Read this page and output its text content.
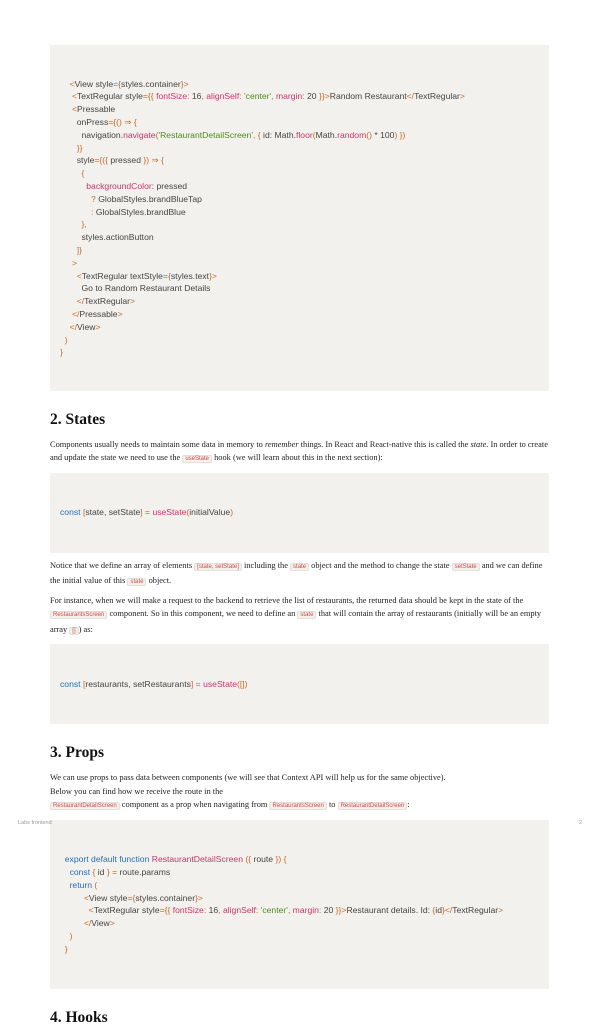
<View style={styles.container}>
<TextRegular style={{ fontSize: 16, alignSelf: 'center', margin: 20 }}>Random Restaurant</TextRegular>
<Pressable
onPress={() ⇒ {
navigation.navigate('RestaurantDetailScreen', { id: Math.floor(Math.random() * 100) })
}}
style={({ pressed }) ⇒ {
{
backgroundColor: pressed
? GlobalStyles.brandBlueTap
: GlobalStyles.brandBlue
},
styles.actionButton
]}
>
<TextRegular textStyle={styles.text}>
Go to Random Restaurant Details
</TextRegular>
</Pressable>
</View>
)
}

2. States

Components usually needs to maintain some data in memory to remember things. In React and React-native this is called the state. In order to create and update the state we need to use the useState hook (we will learn about this in the next section):

const [state, setState] = useState(initialValue)

Notice that we define an array of elements [state, setState] including the state object and the method to change the state setState and we can define the initial value of this state object.

For instance, when we will make a request to the backend to retrieve the list of restaurants, the returned data should be kept in the state of the RestaurantsScreen component. So in this component, we need to define an state that will contain the array of restaurants (initially will be an empty array [] ) as:

const [restaurants, setRestaurants] = useState([])

3. Props

We can use props to pass data between components (we will see that Context API will help us for the same objective).

Below you can find how we receive the route in the

RestaurantDetailScreen component as a prop when navigating from RestaurantsScreen to RestaurantDetailScreen :

export default function RestaurantDetailScreen ({ route }) {
const { id } = route.params
return (
<View style={styles.container}>
<TextRegular style={{ fontSize: 16, alignSelf: 'center', margin: 20 }}>Restaurant details. Id: {id}</TextRegular>
</View>
)
}

4. Hooks
Labs frontend	2
